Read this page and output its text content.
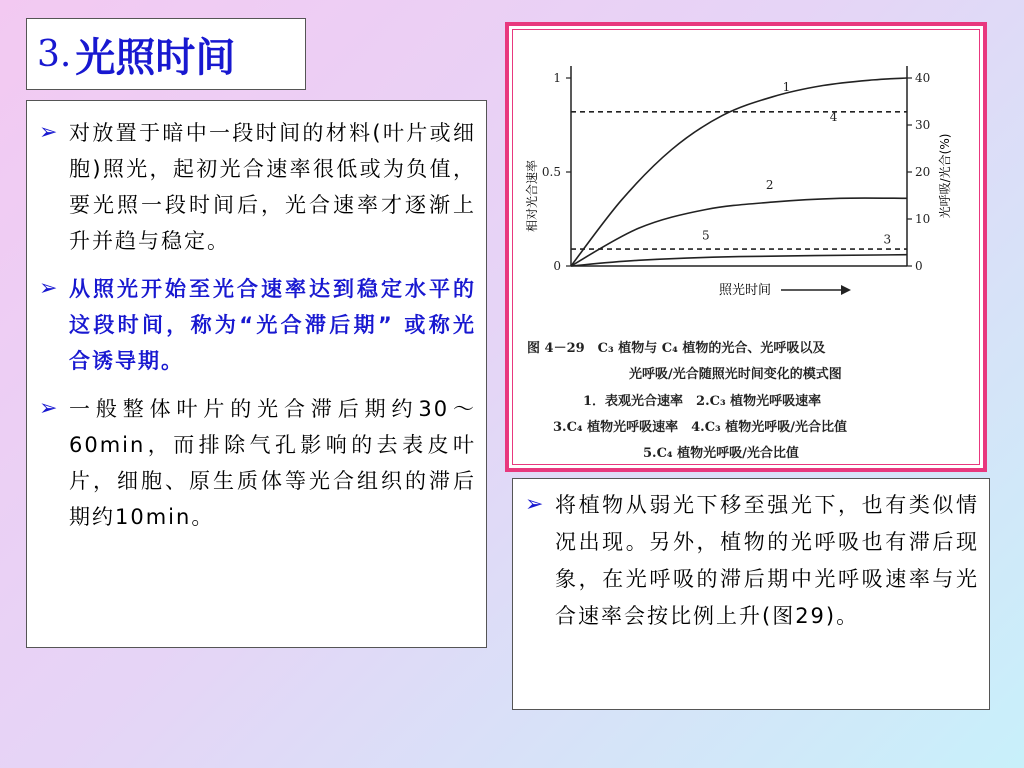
3. 光照时间
➢ 对放置于暗中一段时间的材料(叶片或细胞)照光，起初光合速率很低或为负值，要光照一段时间后，光合速率才逐渐上升并趋与稳定。
➢ 从照光开始至光合速率达到稳定水平的这段时间，称为“光合滞后期” 或称光合诱导期。
➢ 一般整体叶片的光合滞后期约30～60min，而排除气孔影响的去表皮叶片，细胞、原生质体等光合组织的滞后期约10min。
1
0.5
0
40
30
20
10
0
1
2
3
4
5
相对光合速率	光呼吸/光合(%)
照光时间
图 4－29　C₃ 植物与 C₄ 植物的光合、光呼吸以及
光呼吸/光合随照光时间变化的模式图
1．表观光合速率　2.C₃ 植物光呼吸速率
3.C₄ 植物光呼吸速率　4.C₃ 植物光呼吸/光合比值
5.C₄ 植物光呼吸/光合比值
➢ 将植物从弱光下移至强光下，也有类似情况出现。另外，植物的光呼吸也有滞后现象，在光呼吸的滞后期中光呼吸速率与光合速率会按比例上升(图29)。
